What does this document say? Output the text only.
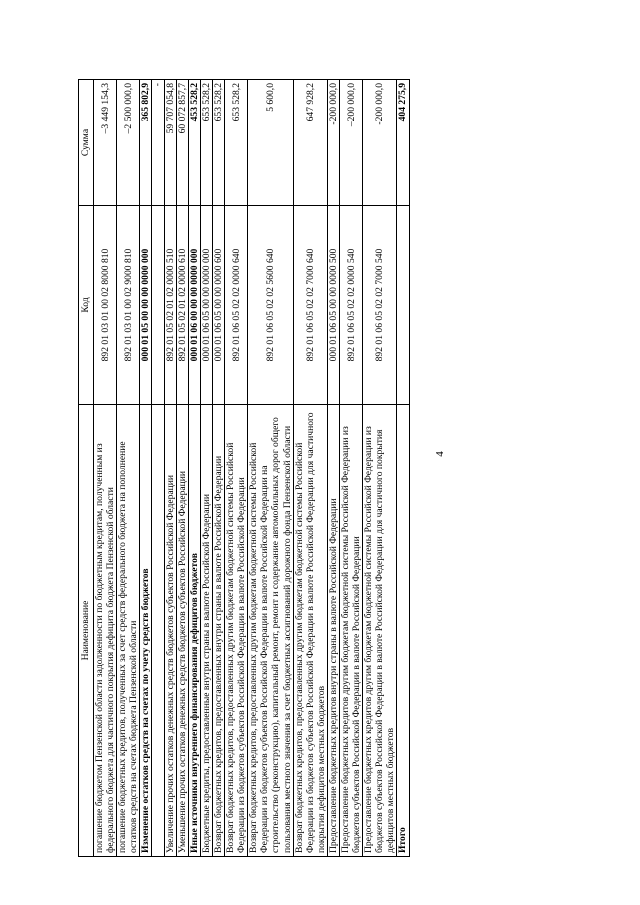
4
Наименование	Код	Сумма
погашение бюджетом Пензенской области задолженности по бюджетным кредитам, полученным из федерального бюджета для частичного покрытия дефицита бюджета Пензенской области	892 01 03 01 00 02 8000 810	–3 449 154,3
погашение бюджетных кредитов, полученных за счет средств федерального бюджета на пополнение остатков средств на счетах бюджета Пензенской области	892 01 03 01 00 02 9000 810	–2 500 000,0
Изменение остатков средств на счетах по учету средств бюджетов	000 01 05 00 00 00 0000 000	365 802,9
		-
Увеличение прочих остатков денежных средств бюджетов субъектов Российской Федерации	892 01 05 02 01 02 0000 510	59 707 054,8
Уменьшение прочих остатков денежных средств бюджетов субъектов Российской Федерации	892 01 05 02 01 02 0000 610	60 072 857,7
Иные источники внутреннего финансирования дефицитов бюджетов	000 01 06 00 00 00 0000 000	453 528,2
Бюджетные кредиты, предоставленные внутри страны в валюте Российской Федерации	000 01 06 05 00 00 0000 000	653 528,2
Возврат бюджетных кредитов, предоставленных внутри страны в валюте Российской Федерации	000 01 06 05 00 00 0000 600	653 528,2
Возврат бюджетных кредитов, предоставленных другим бюджетам бюджетной системы Российской Федерации из бюджетов субъектов Российской Федерации в валюте Российской Федерации	892 01 06 05 02 02 0000 640	653 528,2
Возврат бюджетных кредитов, предоставленных другим бюджетам бюджетной системы Российской Федерации из бюджетов субъектов Российской Федерации в валюте Российской Федерации на строительство (реконструкцию), капитальный ремонт, ремонт и содержание автомобильных дорог общего пользования местного значения за счет бюджетных ассигнований дорожного фонда Пензенской области	892 01 06 05 02 02 5600 640	5 600,0
Возврат бюджетных кредитов, предоставленных другим бюджетам бюджетной системы Российской Федерации из бюджетов субъектов Российской Федерации в валюте Российской Федерации для частичного покрытия дефицитов местных бюджетов	892 01 06 05 02 02 7000 640	647 928,2
Предоставление бюджетных кредитов внутри страны в валюте Российской Федерации	000 01 06 05 00 00 0000 500	-200 000,0
Предоставление бюджетных кредитов другим бюджетам бюджетной системы Российской Федерации из бюджетов субъектов Российской Федерации в валюте Российской Федерации	892 01 06 05 02 02 0000 540	–200 000,0
Предоставление бюджетных кредитов другим бюджетам бюджетной системы Российской Федерации из бюджетов субъектов Российской Федерации в валюте Российской Федерации для частичного покрытия дефицитов местных бюджетов	892 01 06 05 02 02 7000 540	-200 000,0
Итого		404 275,9
